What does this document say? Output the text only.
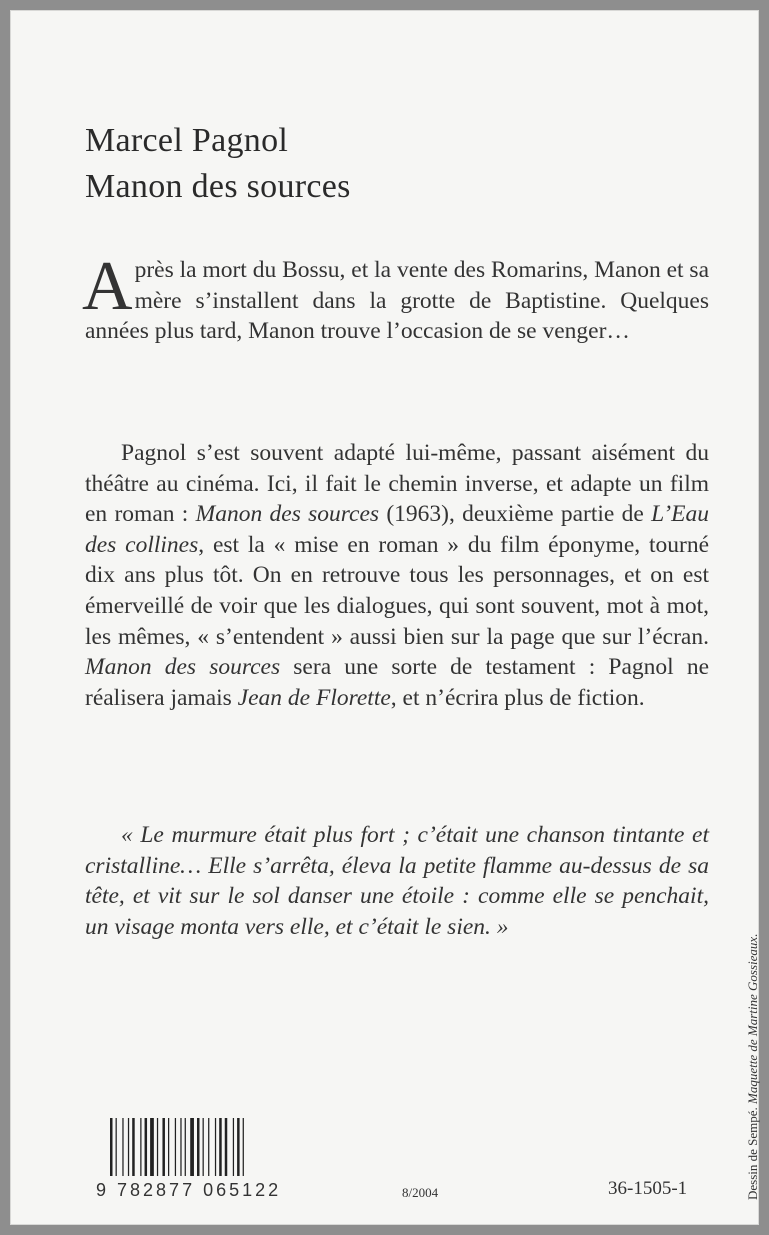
Marcel Pagnol
Manon des sources
Après la mort du Bossu, et la vente des Romarins, Manon et sa mère s’installent dans la grotte de Baptistine. Quelques années plus tard, Manon trouve l’occasion de se venger…
Pagnol s’est souvent adapté lui-même, passant aisément du théâtre au cinéma. Ici, il fait le chemin inverse, et adapte un film en roman : Manon des sources (1963), deuxième partie de L’Eau des collines, est la « mise en roman » du film éponyme, tourné dix ans plus tôt. On en retrouve tous les personnages, et on est émerveillé de voir que les dialogues, qui sont souvent, mot à mot, les mêmes, « s’entendent » aussi bien sur la page que sur l’écran. Manon des sources sera une sorte de testament : Pagnol ne réalisera jamais Jean de Florette, et n’écrira plus de fiction.
« Le murmure était plus fort ; c’était une chanson tintante et cristalline… Elle s’arrêta, éleva la petite flamme au-dessus de sa tête, et vit sur le sol danser une étoile : comme elle se penchait, un visage monta vers elle, et c’était le sien. »
9 782877 065122	8/2004	36-1505-1	Dessin de Sempé. Maquette de Martine Gossieaux.
